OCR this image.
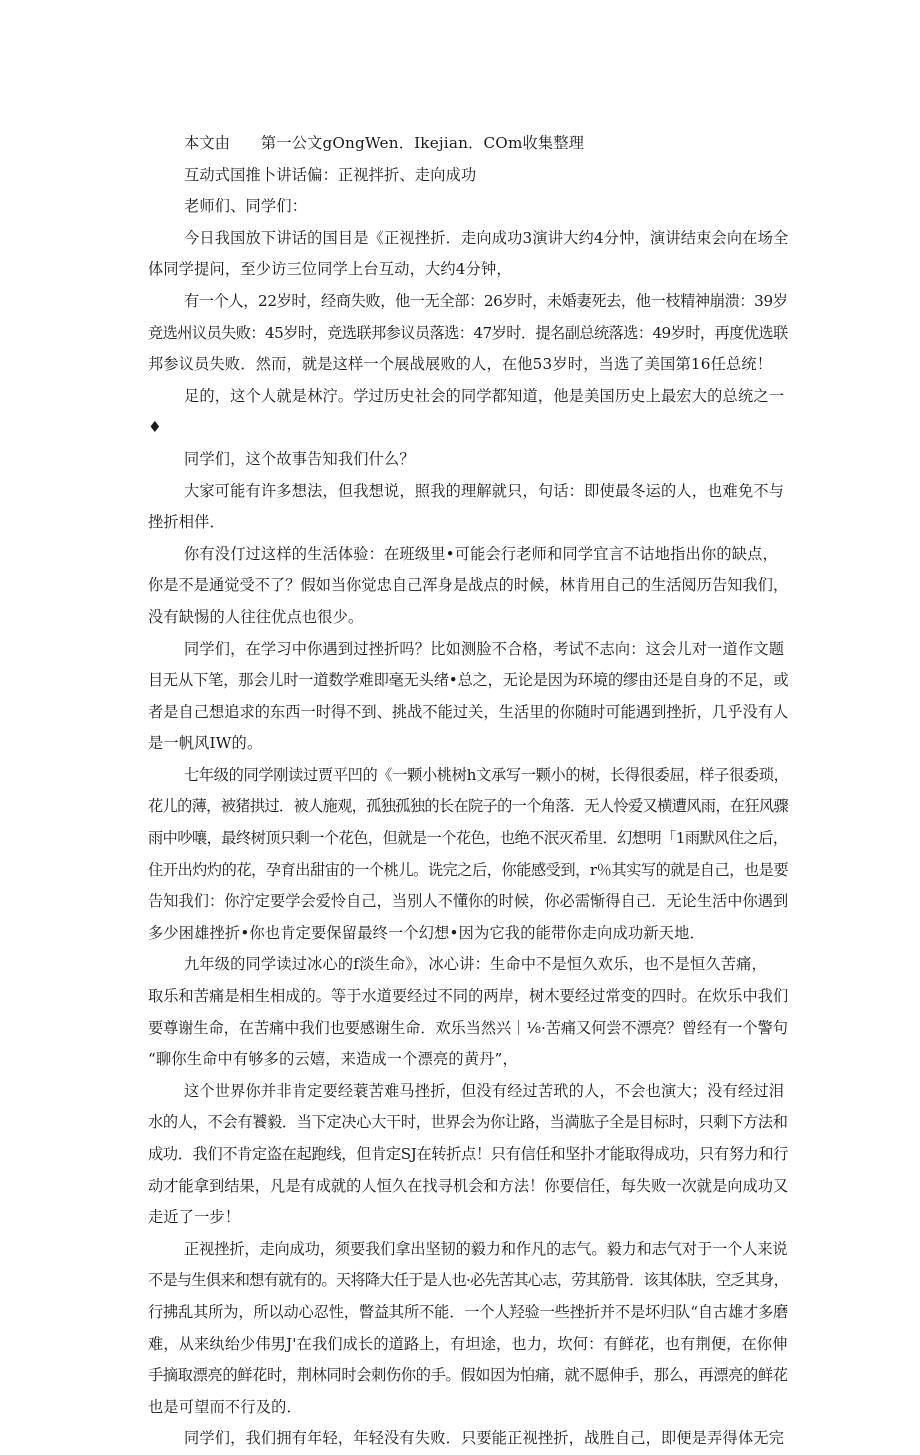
本文由　　第一公文gOngWen．Ikejian．COm收集整理
互动式国推卜讲话偏：正视拌折、走向成功
老师们、同学们：
今日我国放下讲话的国目是《正视挫折．走向成功3演讲大约4分忡，演讲结束会向在场全
体同学提问，至少访三位同学上台互动，大约4分钟，
有一个人，22岁时，经商失败，他一无全部：26岁时，未婚妻死去，他一枝精神崩溃：39岁
竞选州议员失败：45岁时，竞选联邦参议员落选：47岁时．提名副总统落选：49岁时，再度优选联
邦参议员失败．然而，就是这样一个展战展败的人，在他53岁时，当选了美国第16任总统！
足的，这个人就是林泞。学过历史社会的同学都知道，他是美国历史上最宏大的总统之一
♦
同学们，这个故事告知我们什么？
大家可能有许多想法，但我想说，照我的理解就只，句话：即使最冬运的人，也难免不与
挫折相伴．
你有没仃过这样的生活体验：在班级里•可能会行老师和同学宜言不诂地指出你的缺点，
你是不是通觉受不了？假如当你觉忠自己浑身是战点的时候，林肯用自己的生活阅历告知我们，
没有缺惕的人往往优点也很少。
同学们，在学习中你遇到过挫折吗？比如测脸不合格，考试不志向：这会儿对一道作文题
目无从下笔，那会儿时一道数学难即毫无头绪•总之，无论是因为环境的缪由还是自身的不足，或
者是自己想追求的东西一时得不到、挑战不能过关，生活里的你随时可能遇到挫折，几乎没有人
是一帆风IW的。
七年级的同学刚读过贾平凹的《一颗小桃树h文承写一颗小的树，长得很委屈，样子很委琐，
花儿的薄，被猪拱过．被人施观，孤独孤独的长在院子的一个角落．无人怜爱又横遭风雨，在狂风骤
雨中吵嚷，最终树顶只剩一个花色，但就是一个花色，也绝不泯灭希里．幻想明「1雨默风住之后，
住开出灼灼的花，孕育出甜宙的一个桃儿。诜完之后，你能感受到，r％其实写的就是自己，也是要
告知我们：你泞定要学会爱怜自己，当别人不懂你的时候，你必需惭得自己．无论生活中你遇到
多少困雄挫折•你也肯定要保留最终一个幻想•因为它我的能带你走向成功新天地．
九年级的同学读过冰心的f淡生命》，冰心讲：生命中不是恒久欢乐，也不是恒久苦痛，
取乐和苦痛是相生相成的。等于水道要经过不同的两岸，树木要经过常变的四时。在炊乐中我们
要尊谢生命，在苦痛中我们也要感谢生命．欢乐当然兴｜⅛·苦痛又何尝不漂亮？曾经有一个警句
“聊你生命中有够多的云嬉，来造成一个漂亮的黄丹”，
这个世界你并非肯定要经蓑苦难马挫折，但没有经过苦玳的人，不会也演大；没有经过泪
水的人，不会有饕毅．当下定决心大干时，世界会为你让路，当満肱子全是目标时，只剩下方法和
成功．我们不肯定盗在起跑线，但肯定SJ在转折点！只有信任和坚扑才能取得成功，只有努力和行
动才能拿到结果，凡是有成就的人恒久在找寻机会和方法！你要信任，每失败一次就是向成功又
走近了一步！
正视挫折，走向成功，须要我们拿出坚韧的毅力和作凡的志气。毅力和志气对于一个人来说
不是与生俱来和想有就有的。天将降大任于是人也·必先苦其心志，劳其筋骨．该其体肤，空乏其身，
行拂乱其所为，所以动心忍性，瞥益其所不能．一个人羟验一些挫折并不是坏归队“自古雄才多磨
难，从来纨绐少伟男J'在我们成长的道路上，有坦途，也力，坎何：有鲜花，也有荆便，在你伸
手摘取漂亮的鲜花时，荆林同时会刺伤你的手。假如因为怕痛，就不愿伸手，那么，再漂亮的鲜花
也是可望而不行及的．
同学们，我们拥有年轻，年轻没有失败．只要能正视挫折，战胜自己，即便是弄得体无完
